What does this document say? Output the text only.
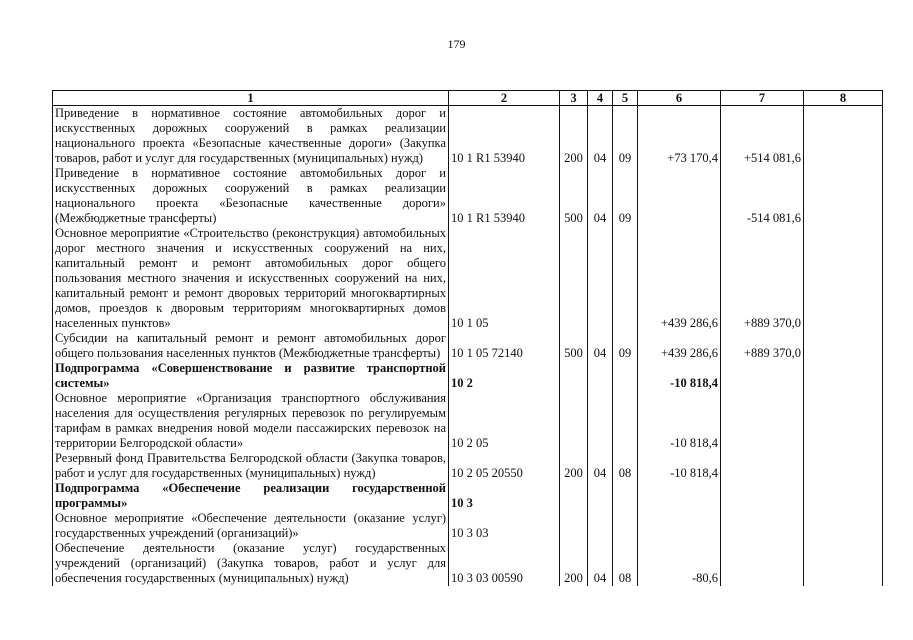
179
1	2	3	4	5	6	7	8
Приведение в нормативное состояние автомобильных дорог и искусственных дорожных сооружений в рамках реализации национального проекта «Безопасные качественные дороги» (Закупка товаров, работ и услуг для государственных (муниципальных) нужд)	10 1 R1 53940	200	04	09	+73 170,4	+514 081,6	
Приведение в нормативное состояние автомобильных дорог и искусственных дорожных сооружений в рамках реализации национального проекта «Безопасные качественные дороги» (Межбюджетные трансферты)	10 1 R1 53940	500	04	09		-514 081,6	
Основное мероприятие «Строительство (реконструкция) автомобильных дорог местного значения и искусственных сооружений на них, капитальный ремонт и ремонт автомобильных дорог общего пользования местного значения и искусственных сооружений на них, капитальный ремонт и ремонт дворовых территорий многоквартирных домов, проездов к дворовым территориям многоквартирных домов населенных пунктов»	10 1 05				+439 286,6	+889 370,0	
Субсидии на капитальный ремонт и ремонт автомобильных дорог общего пользования населенных пунктов (Межбюджетные трансферты)	10 1 05 72140	500	04	09	+439 286,6	+889 370,0	
Подпрограмма «Совершенствование и развитие транспортной системы»	10 2				-10 818,4		
Основное мероприятие «Организация транспортного обслуживания населения для осуществления регулярных перевозок по регулируемым тарифам в рамках внедрения новой модели пассажирских перевозок на территории Белгородской области»	10 2 05				-10 818,4		
Резервный фонд Правительства Белгородской области (Закупка товаров, работ и услуг для государственных (муниципальных) нужд)	10 2 05 20550	200	04	08	-10 818,4		
Подпрограмма «Обеспечение реализации государственной программы»	10 3						
Основное мероприятие «Обеспечение деятельности (оказание услуг) государственных учреждений (организаций)»	10 3 03						
Обеспечение деятельности (оказание услуг) государственных учреждений (организаций) (Закупка товаров, работ и услуг для обеспечения государственных (муниципальных) нужд)	10 3 03 00590	200	04	08	-80,6		
